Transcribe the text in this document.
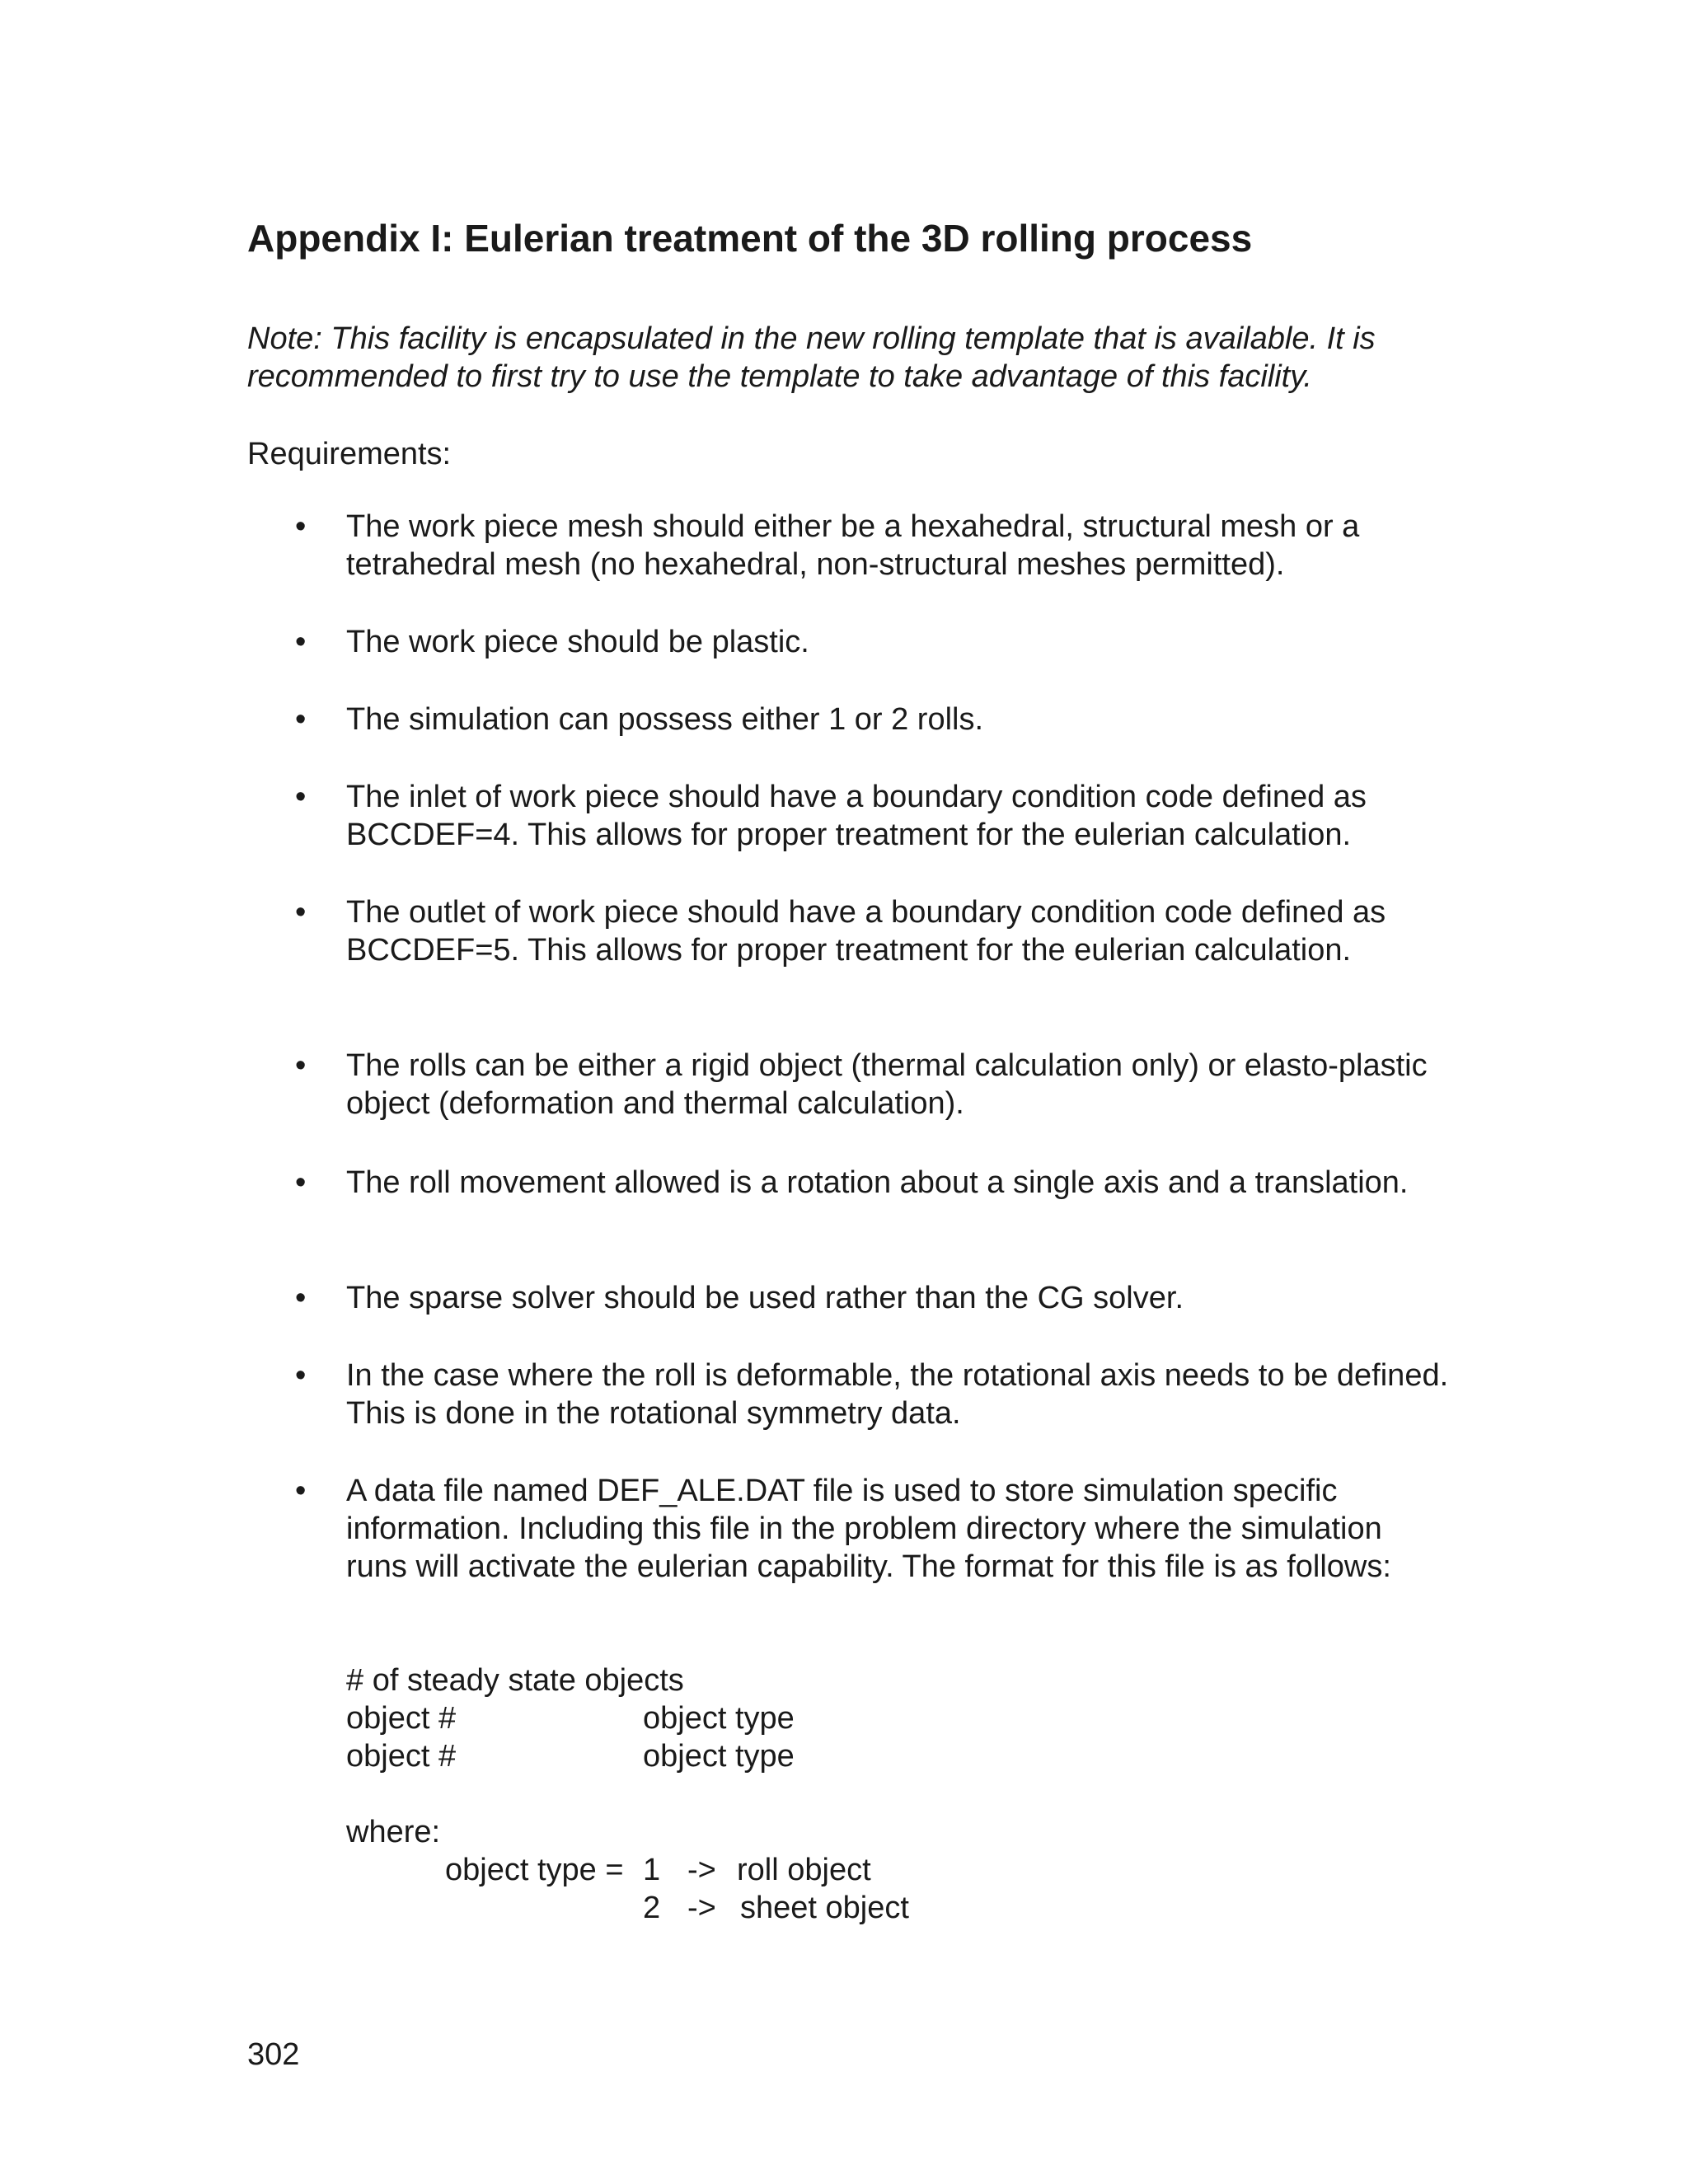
Appendix I: Eulerian treatment of the 3D rolling process

Note: This facility is encapsulated in the new rolling template that is available. It is recommended to first try to use the template to take advantage of this facility.

Requirements:

•	The work piece mesh should either be a hexahedral, structural mesh or a tetrahedral mesh (no hexahedral, non-structural meshes permitted).
•	The work piece should be plastic.
•	The simulation can possess either 1 or 2 rolls.
•	The inlet of work piece should have a boundary condition code defined as BCCDEF=4. This allows for proper treatment for the eulerian calculation.
•	The outlet of work piece should have a boundary condition code defined as BCCDEF=5. This allows for proper treatment for the eulerian calculation.
•	The rolls can be either a rigid object (thermal calculation only) or elasto-plastic object (deformation and thermal calculation).
•	The roll movement allowed is a rotation about a single axis and a translation.
•	The sparse solver should be used rather than the CG solver.
•	In the case where the roll is deformable, the rotational axis needs to be defined. This is done in the rotational symmetry data.
•	A data file named DEF_ALE.DAT file is used to store simulation specific information. Including this file in the problem directory where the simulation runs will activate the eulerian capability. The format for this file is as follows:

# of steady state objects

object #	object type

object #	object type

where:

object type = 1 -> roll object

2 -> sheet object

302
